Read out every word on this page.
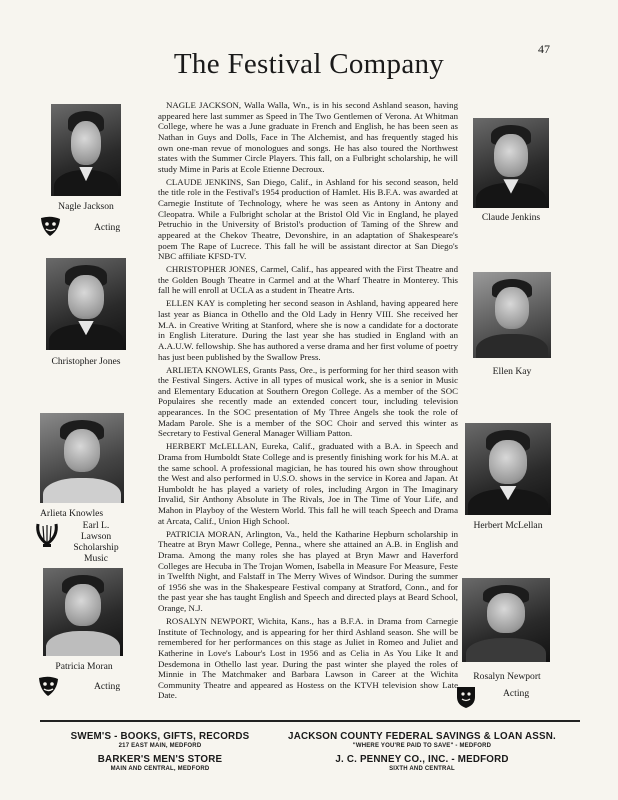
47
The Festival Company
Nagle Jackson
Acting
Christopher Jones
Arlieta Knowles
Earl L.
Lawson
Scholarship
Music
Patricia Moran
Acting
Claude Jenkins
Ellen Kay
Herbert McLellan
Rosalyn Newport
Acting

NAGLE JACKSON, Walla Walla, Wn., is in his second Ashland season, having appeared here last summer as Speed in The Two Gentlemen of Verona. At Whitman College, where he was a June graduate in French and English, he has been seen as Nathan in Guys and Dolls, Face in The Alchemist, and has frequently staged his own one-man revue of monologues and songs. He has also toured the Northwest states with the Summer Circle Players. This fall, on a Fulbright scholarship, he will study Mime in Paris at Ecole Etienne Decroux.

CLAUDE JENKINS, San Diego, Calif., in Ashland for his second season, held the title role in the Festival's 1954 production of Hamlet. His B.F.A. was awarded at Carnegie Institute of Technology, where he was seen as Antony in Antony and Cleopatra. While a Fulbright scholar at the Bristol Old Vic in England, he played Petruchio in the University of Bristol's production of Taming of the Shrew and appeared at the Chekov Theatre, Devonshire, in an adaptation of Shakespeare's poem The Rape of Lucrece. This fall he will be assistant director at San Diego's NBC affiliate KFSD-TV.

CHRISTOPHER JONES, Carmel, Calif., has appeared with the First Theatre and the Golden Bough Theatre in Carmel and at the Wharf Theatre in Monterey. This fall he will enroll at UCLA as a student in Theatre Arts.

ELLEN KAY is completing her second season in Ashland, having appeared here last year as Bianca in Othello and the Old Lady in Henry VIII. She received her M.A. in Creative Writing at Stanford, where she is now a candidate for a doctorate in English Literature. During the last year she has studied in England with an A.A.U.W. fellowship. She has authored a verse drama and her first volume of poetry has just been published by the Swallow Press.

ARLIETA KNOWLES, Grants Pass, Ore., is performing for her third season with the Festival Singers. Active in all types of musical work, she is a senior in Music and Elementary Education at Southern Oregon College. As a member of the SOC Populaires she recently made an extended concert tour, including television appearances. In the SOC presentation of My Three Angels she took the role of Madam Parole. She is a member of the SOC Choir and served this winter as Secretary to Festival General Manager William Patton.

HERBERT McLELLAN, Eureka, Calif., graduated with a B.A. in Speech and Drama from Humboldt State College and is presently finishing work for his M.A. at the same school. A professional magician, he has toured his own show throughout the West and also performed in U.S.O. shows in the service in Korea and Japan. At Humboldt he has played a variety of roles, including Argon in The Imaginary Invalid, Sir Anthony Absolute in The Rivals, Joe in The Time of Your Life, and Mahon in Playboy of the Western World. This fall he will teach Speech and Drama at Arcata, Calif., Union High School.

PATRICIA MORAN, Arlington, Va., held the Katharine Hepburn scholarship in Theatre at Bryn Mawr College, Penna., where she attained an A.B. in English and Drama. Among the many roles she has played at Bryn Mawr and Haverford Colleges are Hecuba in The Trojan Women, Isabella in Measure For Measure, Feste in Twelfth Night, and Falstaff in The Merry Wives of Windsor. During the summer of 1956 she was in the Shakespeare Festival company at Stratford, Conn., and for the past year she has taught English and Speech and directed plays at Beard School, Orange, N.J.

ROSALYN NEWPORT, Wichita, Kans., has a B.F.A. in Drama from Carnegie Institute of Technology, and is appearing for her third Ashland season. She will be remembered for her performances on this stage as Juliet in Romeo and Juliet and Katherine in Love's Labour's Lost in 1956 and as Celia in As You Like It and Desdemona in Othello last year. During the past winter she played the roles of Minnie in The Matchmaker and Barbara Lawson in Career at the Wichita Community Theatre and appeared as Hostess on the KTVH television show Late Date.

SWEM'S - BOOKS, GIFTS, RECORDS
217 EAST MAIN, MEDFORD
BARKER'S MEN'S STORE
MAIN AND CENTRAL, MEDFORD
JACKSON COUNTY FEDERAL SAVINGS & LOAN ASSN.
"WHERE YOU'RE PAID TO SAVE" - MEDFORD
J. C. PENNEY CO., INC. - MEDFORD
SIXTH AND CENTRAL
